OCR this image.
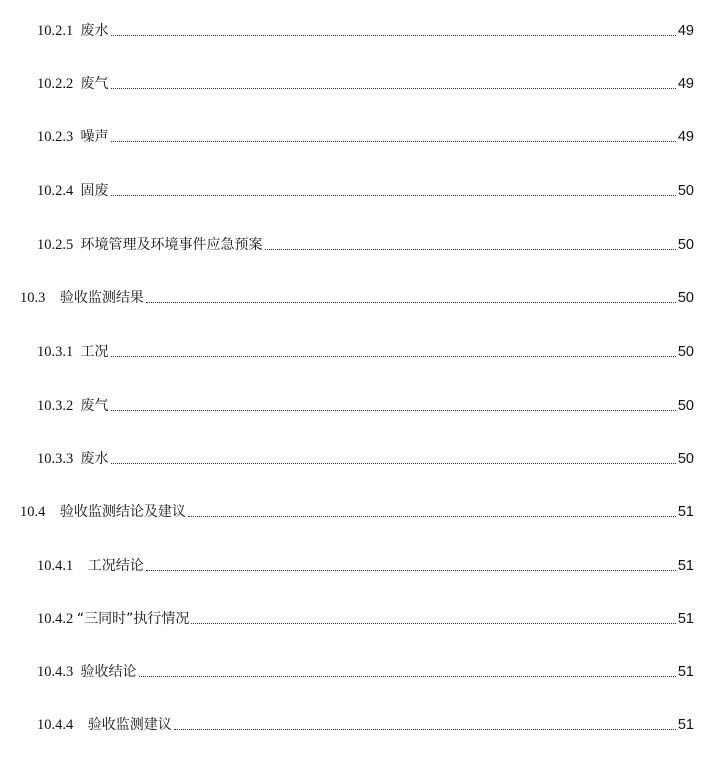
10.2.1 废水	49
10.2.2 废气	49
10.2.3 噪声	49
10.2.4 固废	50
10.2.5 环境管理及环境事件应急预案	50
10.3 验收监测结果	50
10.3.1 工况	50
10.3.2 废气	50
10.3.3 废水	50
10.4 验收监测结论及建议	51
10.4.1 工况结论	51
10.4.2 “三同时”执行情况	51
10.4.3 验收结论	51
10.4.4 验收监测建议	51
